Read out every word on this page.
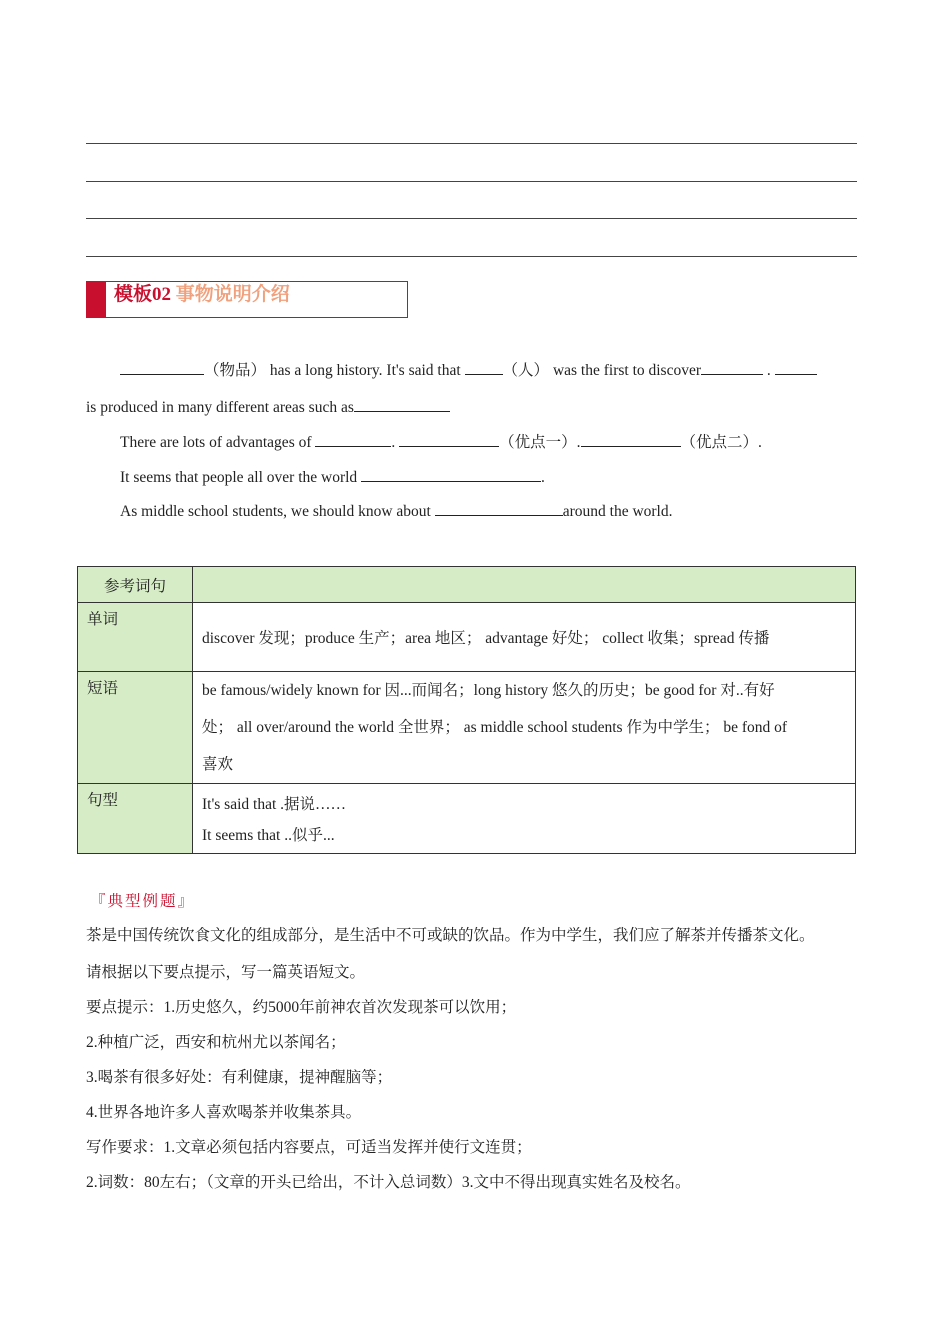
模板02 事物说明介绍
（物品） has a long history. It's said that	（人） was the first to discover	.
is produced in many different areas such as
There are lots of advantages of	.	（优点一）.	（优点二）.
It seems that people all over the world	.
As middle school students, we should know about	around the world.
参考词句	
单词	discover 发现；produce 生产；area 地区； advantage 好处； collect 收集；spread 传播
短语	be famous/widely known for 因...而闻名；long history 悠久的历史；be good for 对..有好
处； all over/around the world 全世界； as middle school students 作为中学生； be fond of
喜欢

句型	It's said that .据说……
It seems that ..似乎...
『典型例题』
茶是中国传统饮食文化的组成部分，是生活中不可或缺的饮品。作为中学生，我们应了解茶并传播茶文化。
请根据以下要点提示，写一篇英语短文。
要点提示：1.历史悠久，约5000年前神农首次发现茶可以饮用；
2.种植广泛，西安和杭州尤以茶闻名；
3.喝茶有很多好处：有利健康，提神醒脑等；
4.世界各地许多人喜欢喝茶并收集茶具。
写作要求：1.文章必须包括内容要点，可适当发挥并使行文连贯；
2.词数：80左右；（文章的开头已给出，不计入总词数）3.文中不得出现真实姓名及校名。
